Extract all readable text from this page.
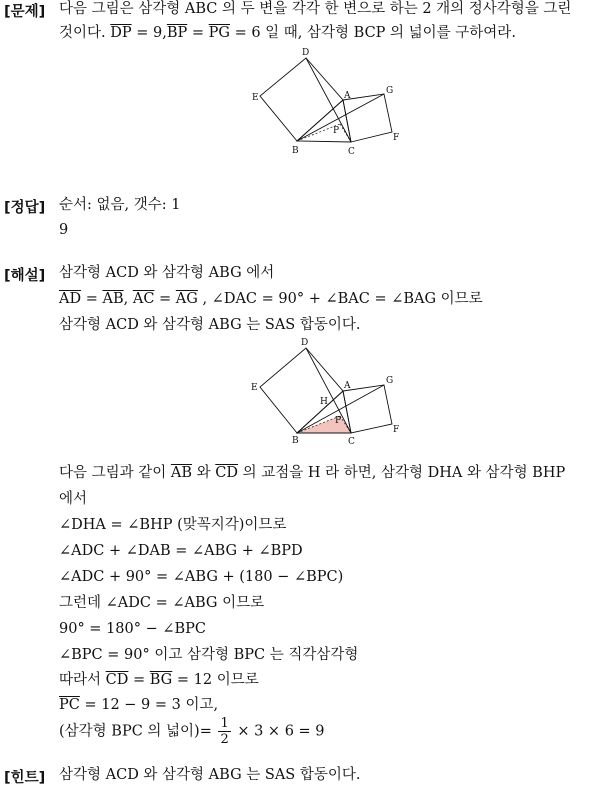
[문제] 다음 그림은 삼각형 ABC 의 두 변을 각각 한 변으로 하는 2 개의 정사각형을 그린
것이다. $\overline{DP} = 9,\overline{BP} = \overline{PG} = 6$ 일 때, 삼각형 BCP 의 넓이를 구하여라.
D
E	A	G
P
B	C
F
[정답] 순서: 없음, 갯수: 1
9
[해설] 삼각형 ACD 와 삼각형 ABG 에서
$\overline{AD} = \overline{AB}$, $\overline{AC} = \overline{AG}$ , ∠DAC = 90° + ∠BAC = ∠BAG 이므로
삼각형 ACD 와 삼각형 ABG 는 SAS 합동이다.
D
E	A	G
H
P
B	C
F
다음 그림과 같이 $\overline{AB}$ 와 $\overline{CD}$ 의 교점을 H 라 하면, 삼각형 DHA 와 삼각형 BHP
에서
∠DHA = ∠BHP (맞꼭지각)이므로
∠ADC + ∠DAB = ∠ABG + ∠BPD
∠ADC + 90° = ∠ABG + (180 − ∠BPC)
그런데 ∠ADC = ∠ABG 이므로
90° = 180° − ∠BPC
∠BPC = 90° 이고 삼각형 BPC 는 직각삼각형
따라서 $\overline{CD} = \overline{BG} = 12$ 이므로
$\overline{PC} = 12 - 9 = 3$ 이고,
(삼각형 BPC 의 넓이)= $\frac{1}{2} \times 3 \times 6 = 9$
[힌트] 삼각형 ACD 와 삼각형 ABG 는 SAS 합동이다.
